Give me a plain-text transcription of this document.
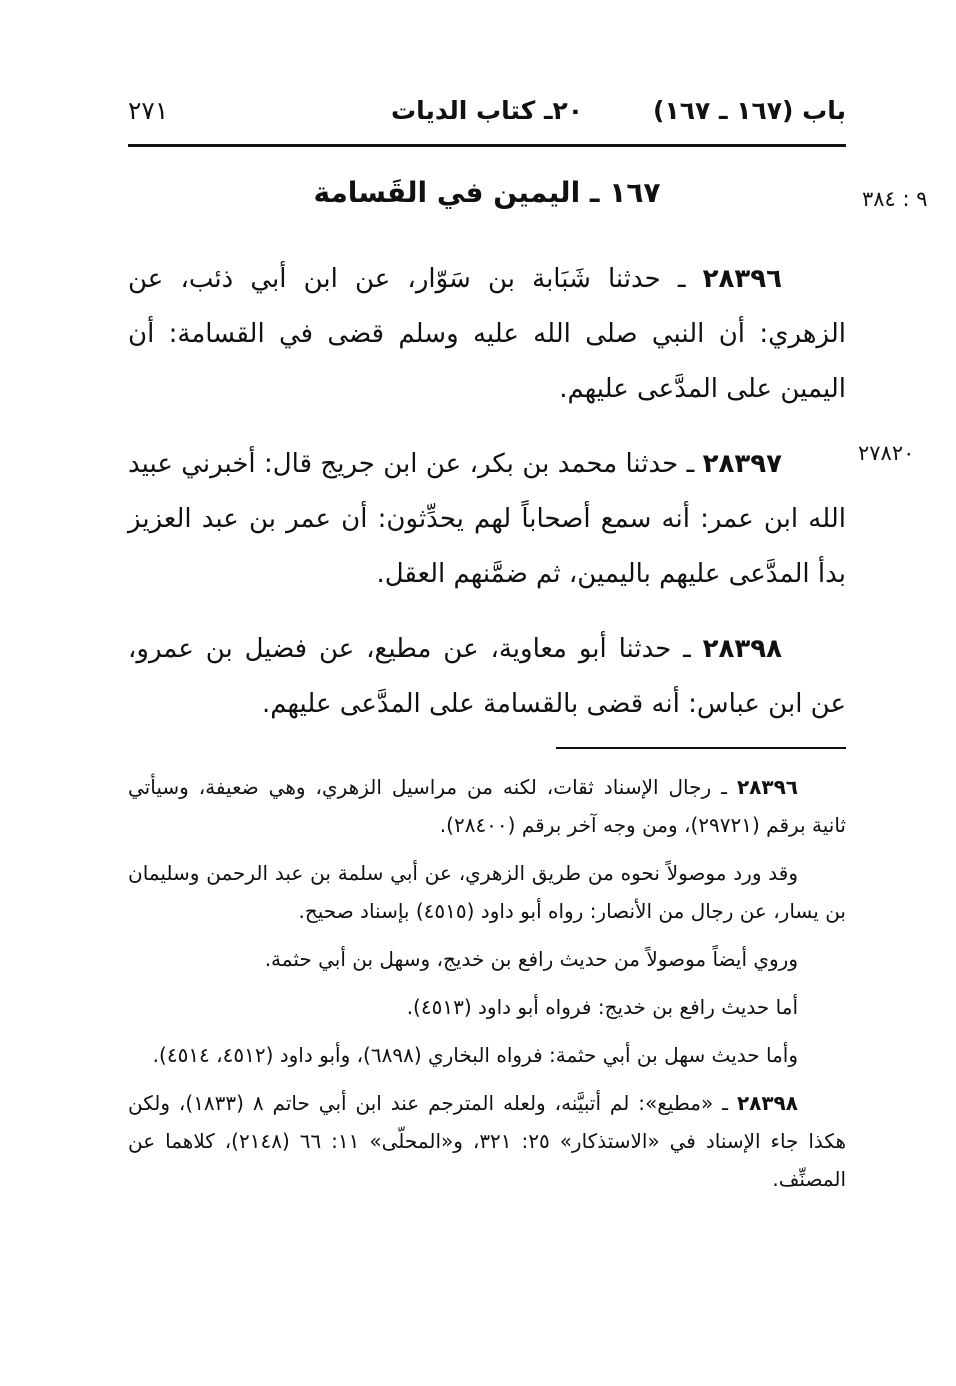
باب (١٦٧ ـ ١٦٧)
٢٠ـ كتاب الديات
٢٧١
٩ : ٣٨٤
٢٧٨٢٠
١٦٧ ـ اليمين في القَسامة

٢٨٣٩٦ ـ حدثنا شَبَابة بن سَوّار، عن ابن أبي ذئب، عن الزهري: أن النبي صلى الله عليه وسلم قضى في القسامة: أن اليمين على المدَّعى عليهم.

٢٨٣٩٧ ـ حدثنا محمد بن بكر، عن ابن جريج قال: أخبرني عبيد الله ابن عمر: أنه سمع أصحاباً لهم يحدِّثون: أن عمر بن عبد العزيز بدأ المدَّعى عليهم باليمين، ثم ضمَّنهم العقل.

٢٨٣٩٨ ـ حدثنا أبو معاوية، عن مطيع، عن فضيل بن عمرو، عن ابن عباس: أنه قضى بالقسامة على المدَّعى عليهم.

٢٨٣٩٦ ـ رجال الإسناد ثقات، لكنه من مراسيل الزهري، وهي ضعيفة، وسيأتي ثانية برقم (٢٩٧٢١)، ومن وجه آخر برقم (٢٨٤٠٠).

وقد ورد موصولاً نحوه من طريق الزهري، عن أبي سلمة بن عبد الرحمن وسليمان بن يسار، عن رجال من الأنصار: رواه أبو داود (٤٥١٥) بإسناد صحيح.

وروي أيضاً موصولاً من حديث رافع بن خديج، وسهل بن أبي حثمة.

أما حديث رافع بن خديج: فرواه أبو داود (٤٥١٣).

وأما حديث سهل بن أبي حثمة: فرواه البخاري (٦٨٩٨)، وأبو داود (٤٥١٢، ٤٥١٤).

٢٨٣٩٨ ـ «مطيع»: لم أتبيَّنه، ولعله المترجم عند ابن أبي حاتم ٨ (١٨٣٣)، ولكن هكذا جاء الإسناد في «الاستذكار» ٢٥: ٣٢١، و«المحلّى» ١١: ٦٦ (٢١٤٨)، كلاهما عن المصنِّف.
